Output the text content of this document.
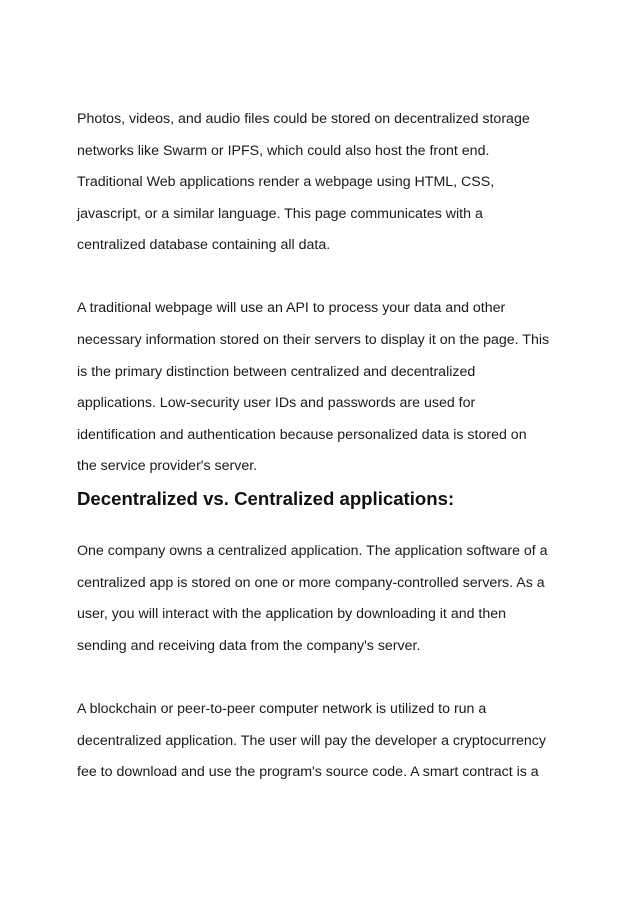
Photos, videos, and audio files could be stored on decentralized storage
networks like Swarm or IPFS, which could also host the front end.
Traditional Web applications render a webpage using HTML, CSS,
javascript, or a similar language. This page communicates with a
centralized database containing all data.

A traditional webpage will use an API to process your data and other
necessary information stored on their servers to display it on the page. This
is the primary distinction between centralized and decentralized
applications. Low-security user IDs and passwords are used for
identification and authentication because personalized data is stored on
the service provider's server.

Decentralized vs. Centralized applications:

One company owns a centralized application. The application software of a
centralized app is stored on one or more company-controlled servers. As a
user, you will interact with the application by downloading it and then
sending and receiving data from the company's server.

A blockchain or peer-to-peer computer network is utilized to run a
decentralized application. The user will pay the developer a cryptocurrency
fee to download and use the program's source code. A smart contract is a
